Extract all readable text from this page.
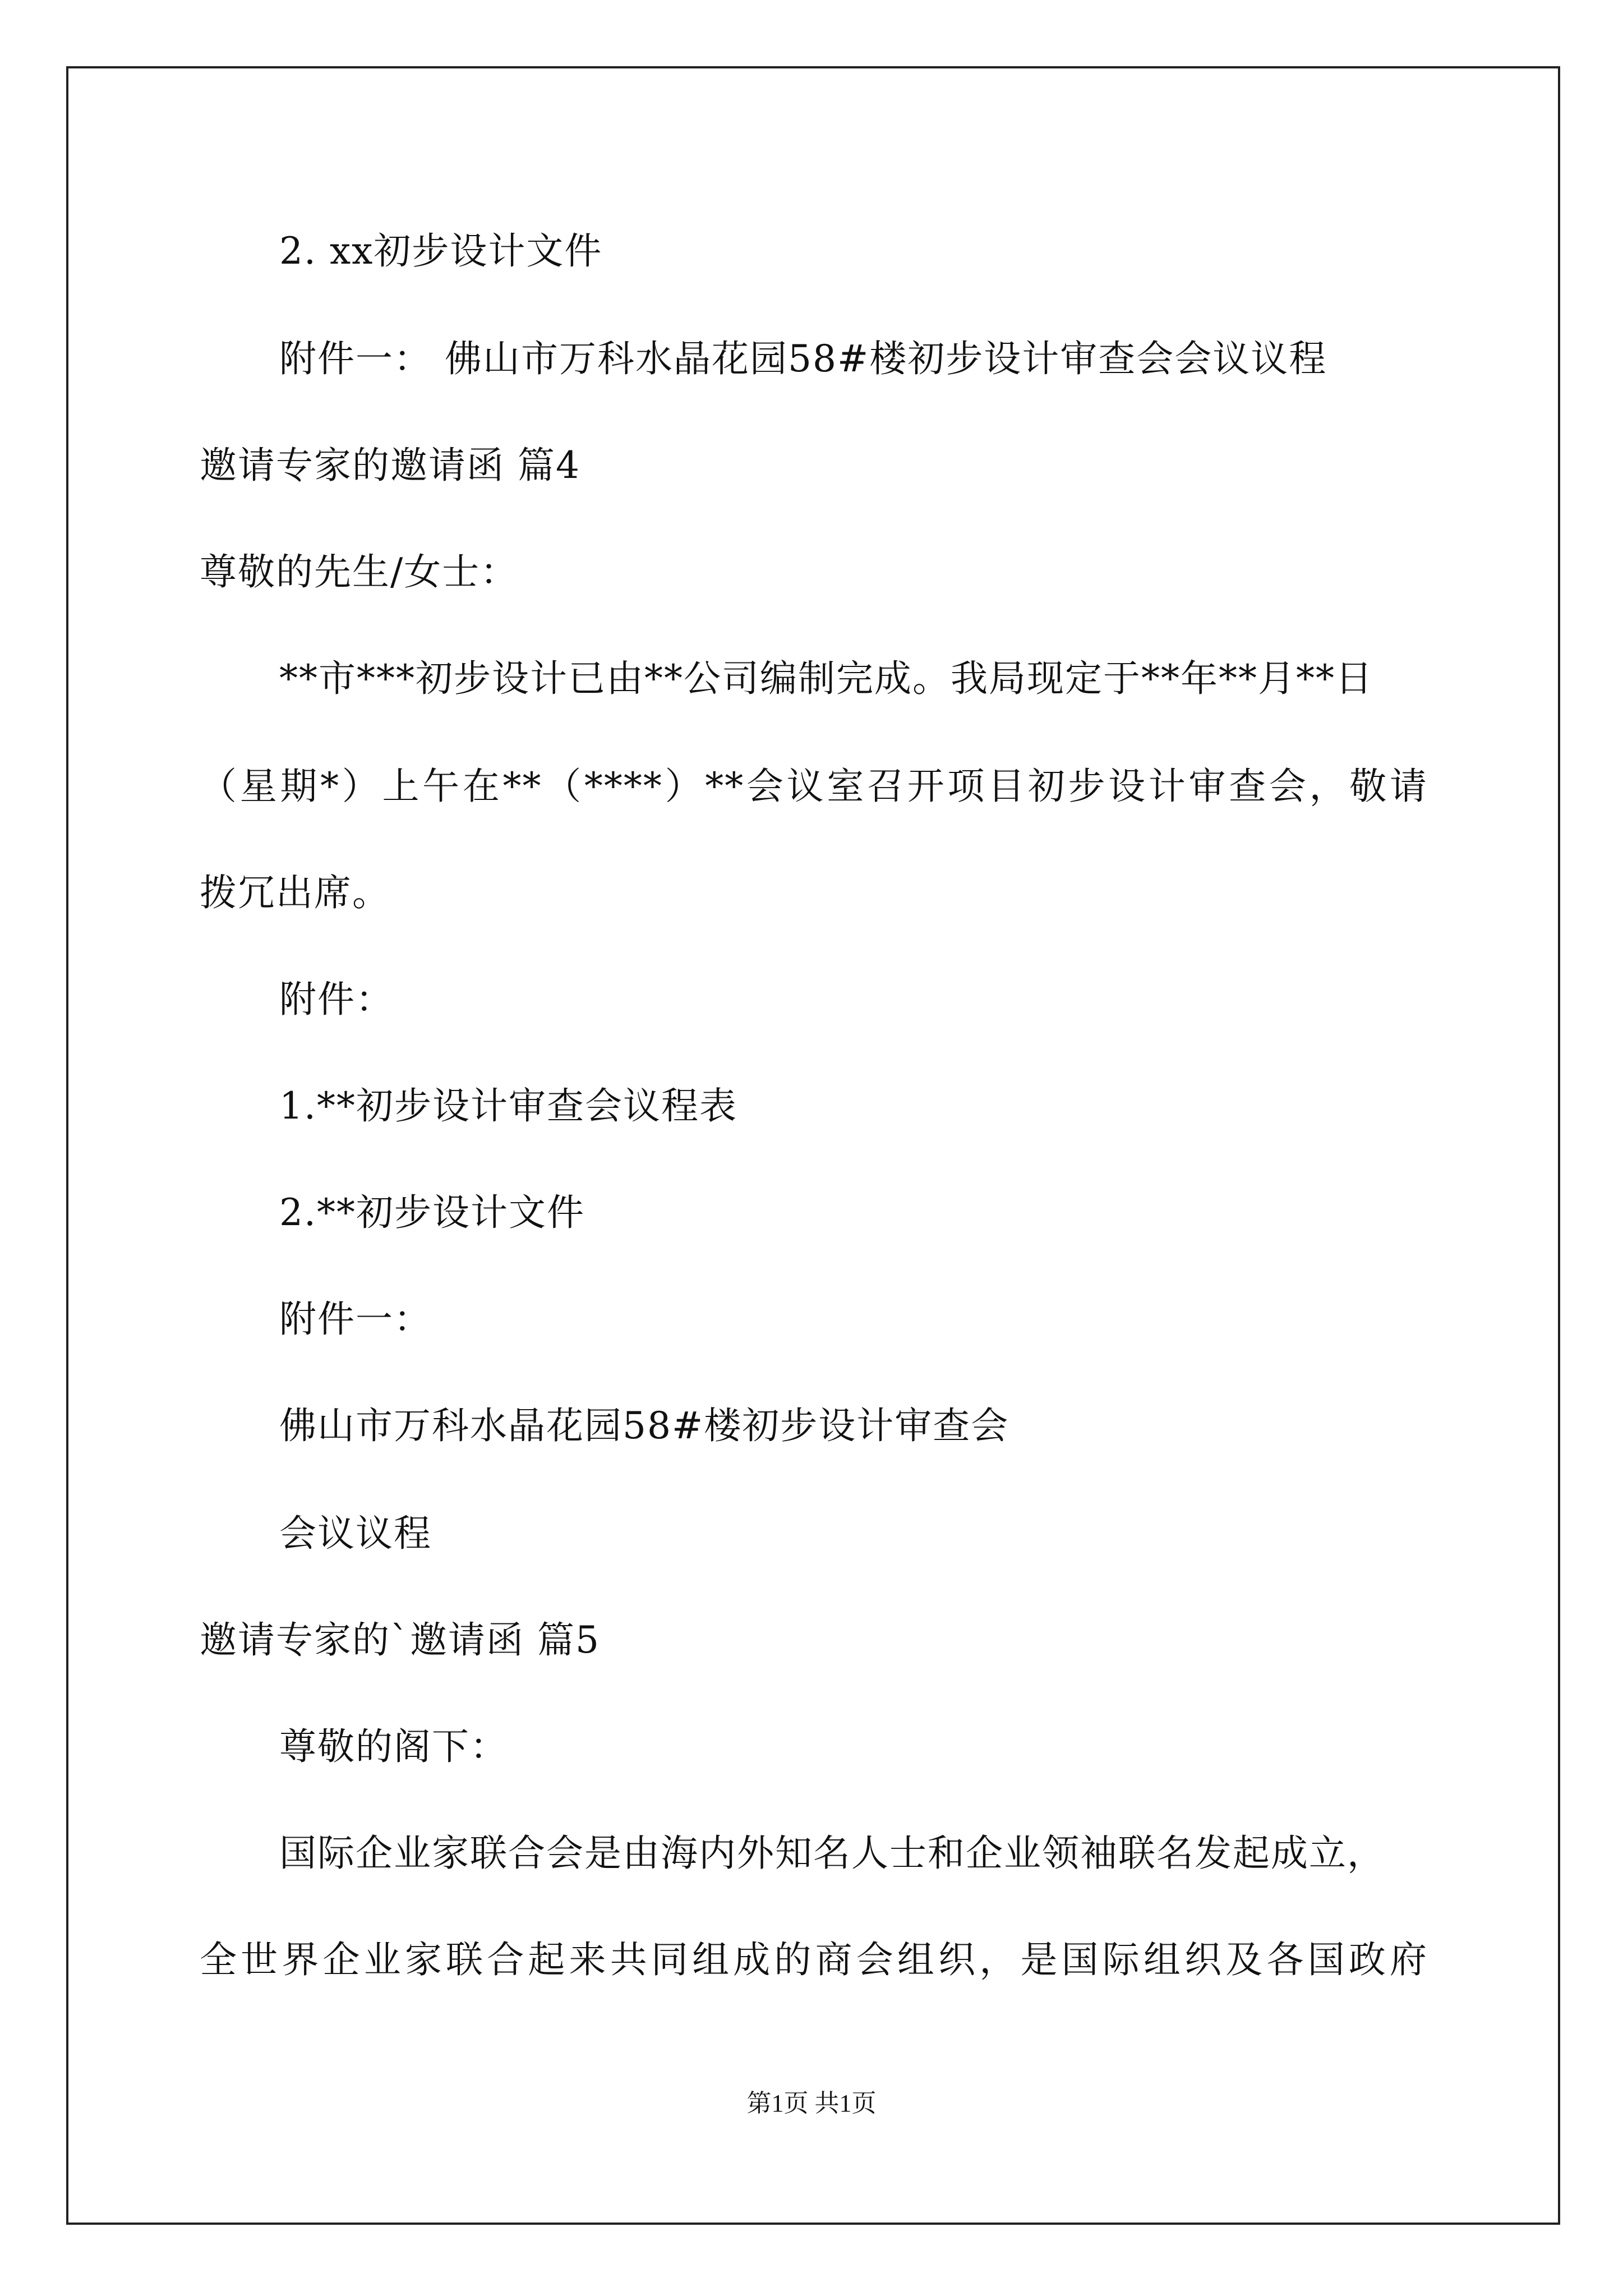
2. xx初步设计文件
附件一： 佛山市万科水晶花园58#楼初步设计审查会会议议程
邀请专家的邀请函 篇4
尊敬的先生/女士：
**市***初步设计已由**公司编制完成。我局现定于**年**月**日
（星期*）上午在**（****）**会议室召开项目初步设计审查会，敬请
拨冗出席。
附件：
1.**初步设计审查会议程表
2.**初步设计文件
附件一：
佛山市万科水晶花园58#楼初步设计审查会
会议议程
邀请专家的`邀请函 篇5
尊敬的阁下：
国际企业家联合会是由海内外知名人士和企业领袖联名发起成立，
全世界企业家联合起来共同组成的商会组织，是国际组织及各国政府
第1页 共1页
